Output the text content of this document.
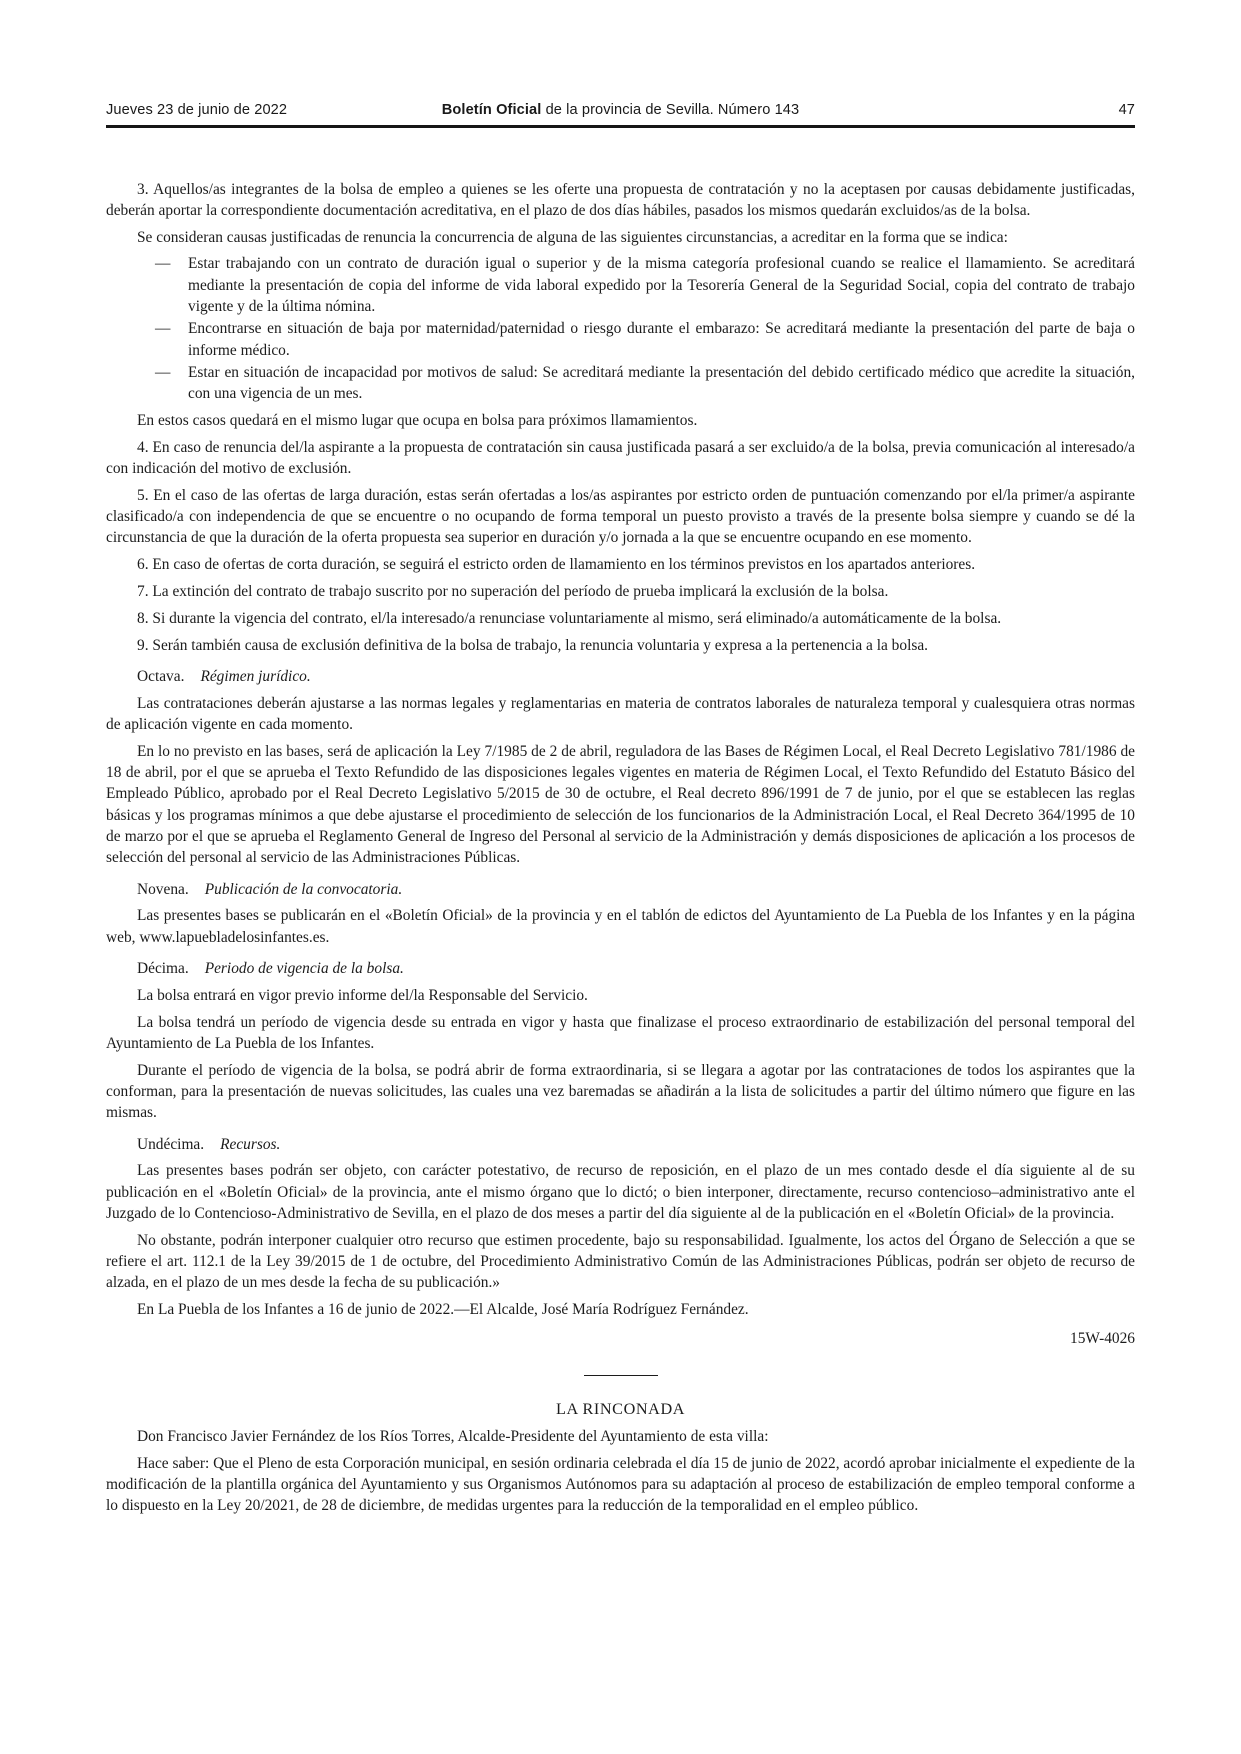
Jueves 23 de junio de 2022	Boletín Oficial de la provincia de Sevilla. Número 143	47

3. Aquellos/as integrantes de la bolsa de empleo a quienes se les oferte una propuesta de contratación y no la aceptasen por causas debidamente justificadas, deberán aportar la correspondiente documentación acreditativa, en el plazo de dos días hábiles, pasados los mismos quedarán excluidos/as de la bolsa.

Se consideran causas justificadas de renuncia la concurrencia de alguna de las siguientes circunstancias, a acreditar en la forma que se indica:

— Estar trabajando con un contrato de duración igual o superior y de la misma categoría profesional cuando se realice el llamamiento. Se acreditará mediante la presentación de copia del informe de vida laboral expedido por la Tesorería General de la Seguridad Social, copia del contrato de trabajo vigente y de la última nómina.
— Encontrarse en situación de baja por maternidad/paternidad o riesgo durante el embarazo: Se acreditará mediante la presentación del parte de baja o informe médico.
— Estar en situación de incapacidad por motivos de salud: Se acreditará mediante la presentación del debido certificado médico que acredite la situación, con una vigencia de un mes.

En estos casos quedará en el mismo lugar que ocupa en bolsa para próximos llamamientos.

4. En caso de renuncia del/la aspirante a la propuesta de contratación sin causa justificada pasará a ser excluido/a de la bolsa, previa comunicación al interesado/a con indicación del motivo de exclusión.

5. En el caso de las ofertas de larga duración, estas serán ofertadas a los/as aspirantes por estricto orden de puntuación comenzando por el/la primer/a aspirante clasificado/a con independencia de que se encuentre o no ocupando de forma temporal un puesto provisto a través de la presente bolsa siempre y cuando se dé la circunstancia de que la duración de la oferta propuesta sea superior en duración y/o jornada a la que se encuentre ocupando en ese momento.

6. En caso de ofertas de corta duración, se seguirá el estricto orden de llamamiento en los términos previstos en los apartados anteriores.

7. La extinción del contrato de trabajo suscrito por no superación del período de prueba implicará la exclusión de la bolsa.

8. Si durante la vigencia del contrato, el/la interesado/a renunciase voluntariamente al mismo, será eliminado/a automáticamente de la bolsa.

9. Serán también causa de exclusión definitiva de la bolsa de trabajo, la renuncia voluntaria y expresa a la pertenencia a la bolsa.

Octava. Régimen jurídico.

Las contrataciones deberán ajustarse a las normas legales y reglamentarias en materia de contratos laborales de naturaleza temporal y cualesquiera otras normas de aplicación vigente en cada momento.

En lo no previsto en las bases, será de aplicación la Ley 7/1985 de 2 de abril, reguladora de las Bases de Régimen Local, el Real Decreto Legislativo 781/1986 de 18 de abril, por el que se aprueba el Texto Refundido de las disposiciones legales vigentes en materia de Régimen Local, el Texto Refundido del Estatuto Básico del Empleado Público, aprobado por el Real Decreto Legislativo 5/2015 de 30 de octubre, el Real decreto 896/1991 de 7 de junio, por el que se establecen las reglas básicas y los programas mínimos a que debe ajustarse el procedimiento de selección de los funcionarios de la Administración Local, el Real Decreto 364/1995 de 10 de marzo por el que se aprueba el Reglamento General de Ingreso del Personal al servicio de la Administración y demás disposiciones de aplicación a los procesos de selección del personal al servicio de las Administraciones Públicas.

Novena. Publicación de la convocatoria.

Las presentes bases se publicarán en el «Boletín Oficial» de la provincia y en el tablón de edictos del Ayuntamiento de La Puebla de los Infantes y en la página web, www.lapuebladelosinfantes.es.

Décima. Periodo de vigencia de la bolsa.

La bolsa entrará en vigor previo informe del/la Responsable del Servicio.

La bolsa tendrá un período de vigencia desde su entrada en vigor y hasta que finalizase el proceso extraordinario de estabilización del personal temporal del Ayuntamiento de La Puebla de los Infantes.

Durante el período de vigencia de la bolsa, se podrá abrir de forma extraordinaria, si se llegara a agotar por las contrataciones de todos los aspirantes que la conforman, para la presentación de nuevas solicitudes, las cuales una vez baremadas se añadirán a la lista de solicitudes a partir del último número que figure en las mismas.

Undécima. Recursos.

Las presentes bases podrán ser objeto, con carácter potestativo, de recurso de reposición, en el plazo de un mes contado desde el día siguiente al de su publicación en el «Boletín Oficial» de la provincia, ante el mismo órgano que lo dictó; o bien interponer, directamente, recurso contencioso–administrativo ante el Juzgado de lo Contencioso-Administrativo de Sevilla, en el plazo de dos meses a partir del día siguiente al de la publicación en el «Boletín Oficial» de la provincia.

No obstante, podrán interponer cualquier otro recurso que estimen procedente, bajo su responsabilidad. Igualmente, los actos del Órgano de Selección a que se refiere el art. 112.1 de la Ley 39/2015 de 1 de octubre, del Procedimiento Administrativo Común de las Administraciones Públicas, podrán ser objeto de recurso de alzada, en el plazo de un mes desde la fecha de su publicación.»

En La Puebla de los Infantes a 16 de junio de 2022.—El Alcalde, José María Rodríguez Fernández.

15W-4026

LA RINCONADA

Don Francisco Javier Fernández de los Ríos Torres, Alcalde-Presidente del Ayuntamiento de esta villa:

Hace saber: Que el Pleno de esta Corporación municipal, en sesión ordinaria celebrada el día 15 de junio de 2022, acordó aprobar inicialmente el expediente de la modificación de la plantilla orgánica del Ayuntamiento y sus Organismos Autónomos para su adaptación al proceso de estabilización de empleo temporal conforme a lo dispuesto en la Ley 20/2021, de 28 de diciembre, de medidas urgentes para la reducción de la temporalidad en el empleo público.
